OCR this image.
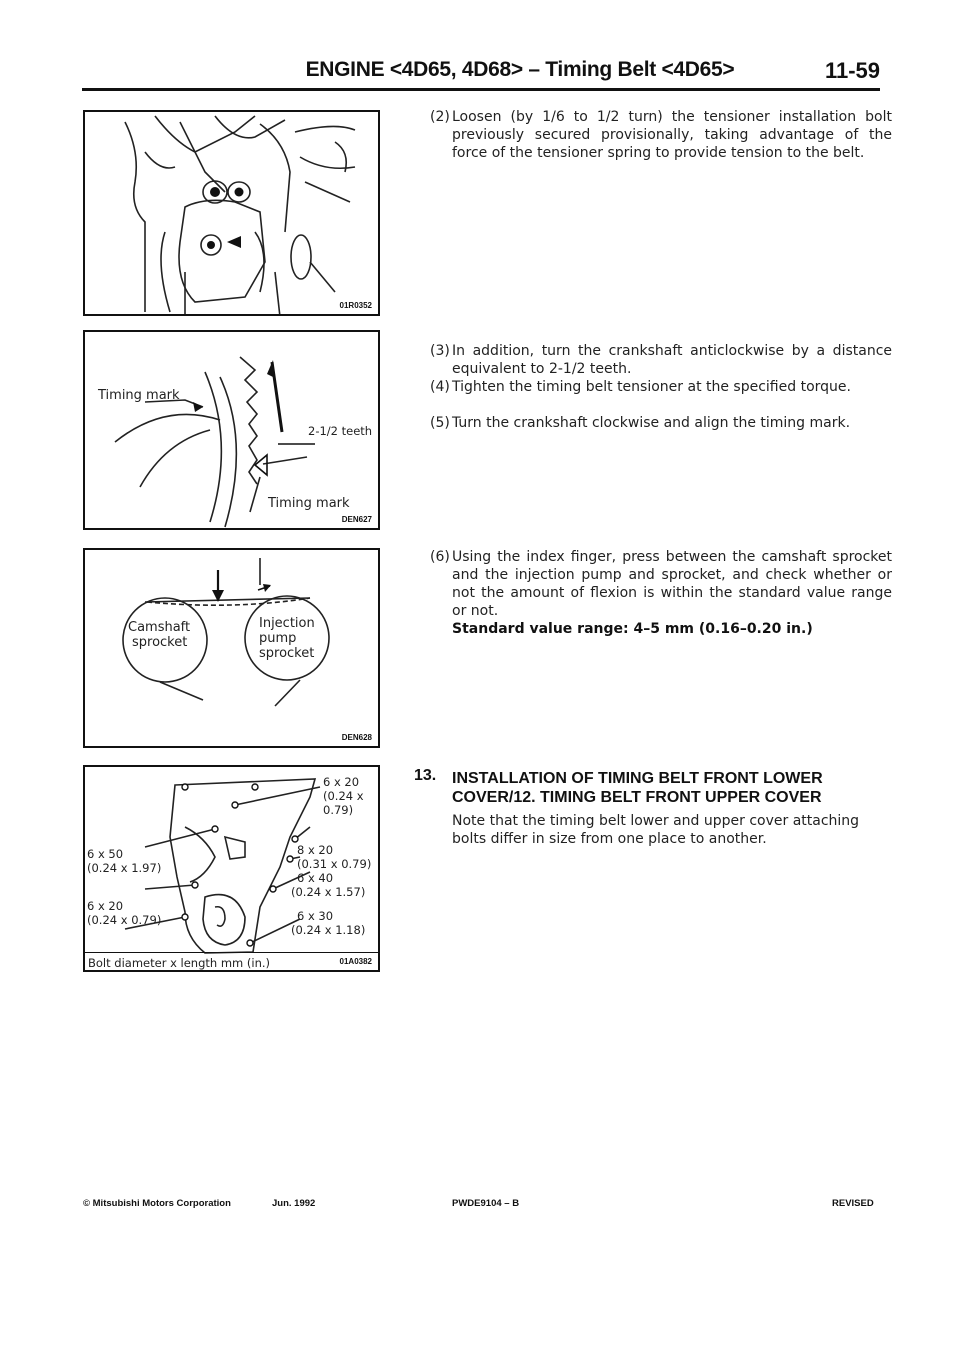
ENGINE <4D65, 4D68> – Timing Belt <4D65>	11-59
01R0352
Timing mark
2-1/2 teeth
Timing mark
DEN627
Camshaft
sprocket
Injection
pump
sprocket
DEN628
6 x 20
(0.24 x
0.79)
6 x 50
(0.24 x 1.97)
8 x 20
(0.31 x 0.79)
6 x 40
(0.24 x 1.57)
6 x 20
(0.24 x 0.79)	6 x 30
(0.24 x 1.18)
Bolt diameter x length mm (in.)	01A0382
(2) Loosen (by 1/6 to 1/2 turn) the tensioner installation bolt previously secured provisionally, taking advantage of the force of the tensioner spring to provide tension to the belt.
(3) In addition, turn the crankshaft anticlockwise by a distance equivalent to 2-1/2 teeth.
(4) Tighten the timing belt tensioner at the specified torque.
(5) Turn the crankshaft clockwise and align the timing mark.
(6) Using the index finger, press between the camshaft sprocket and the injection pump and sprocket, and check whether or not the amount of flexion is within the standard value range or not.
Standard value range: 4–5 mm (0.16–0.20 in.)
13. INSTALLATION OF TIMING BELT FRONT LOWER COVER/12. TIMING BELT FRONT UPPER COVER
Note that the timing belt lower and upper cover attaching bolts differ in size from one place to another.
© Mitsubishi Motors Corporation	Jun. 1992	PWDE9104 – B	REVISED
